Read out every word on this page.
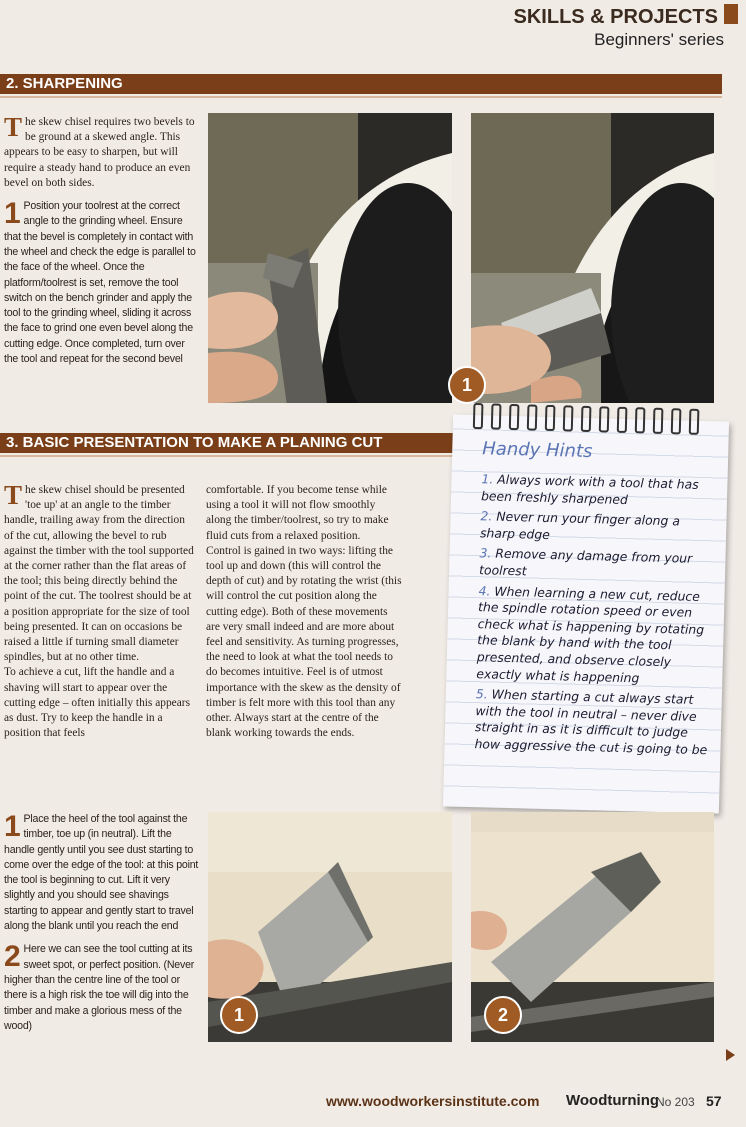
SKILLS & PROJECTS
Beginners' series
2. SHARPENING

The skew chisel requires two bevels to be ground at a skewed angle. This appears to be easy to sharpen, but will require a steady hand to produce an even bevel on both sides.

1 Position your toolrest at the correct angle to the grinding wheel. Ensure that the bevel is completely in contact with the wheel and check the edge is parallel to the face of the wheel. Once the platform/toolrest is set, remove the tool switch on the bench grinder and apply the tool to the grinding wheel, sliding it across the face to grind one even bevel along the cutting edge. Once completed, turn over the tool and repeat for the second bevel

1
3. BASIC PRESENTATION TO MAKE A PLANING CUT

The skew chisel should be presented 'toe up' at an angle to the timber handle, trailing away from the direction of the cut, allowing the bevel to rub against the timber with the tool supported at the corner rather than the flat areas of the tool; this being directly behind the point of the cut. The toolrest should be at a position appropriate for the size of tool being presented. It can on occasions be raised a little if turning small diameter spindles, but at no other time.

To achieve a cut, lift the handle and a shaving will start to appear over the cutting edge – often initially this appears as dust. Try to keep the handle in a position that feels

comfortable. If you become tense while using a tool it will not flow smoothly along the timber/toolrest, so try to make fluid cuts from a relaxed position.

Control is gained in two ways: lifting the tool up and down (this will control the depth of cut) and by rotating the wrist (this will control the cut position along the cutting edge). Both of these movements are very small indeed and are more about feel and sensitivity. As turning progresses, the need to look at what the tool needs to do becomes intuitive. Feel is of utmost importance with the skew as the density of timber is felt more with this tool than any other. Always start at the centre of the blank working towards the ends.

Handy Hints
1. Always work with a tool that has been freshly sharpened
2. Never run your finger along a sharp edge
3. Remove any damage from your toolrest
4. When learning a new cut, reduce the spindle rotation speed or even check what is happening by rotating the blank by hand with the tool presented, and observe closely exactly what is happening
5. When starting a cut always start with the tool in neutral – never dive straight in as it is difficult to judge how aggressive the cut is going to be

1 Place the heel of the tool against the timber, toe up (in neutral). Lift the handle gently until you see dust starting to come over the edge of the tool: at this point the tool is beginning to cut. Lift it very slightly and you should see shavings starting to appear and gently start to travel along the blank until you reach the end

2 Here we can see the tool cutting at its sweet spot, or perfect position. (Never higher than the centre line of the tool or there is a high risk the toe will dig into the timber and make a glorious mess of the wood)

1	2
www.woodworkersinstitute.com Woodturning
No 203 57
